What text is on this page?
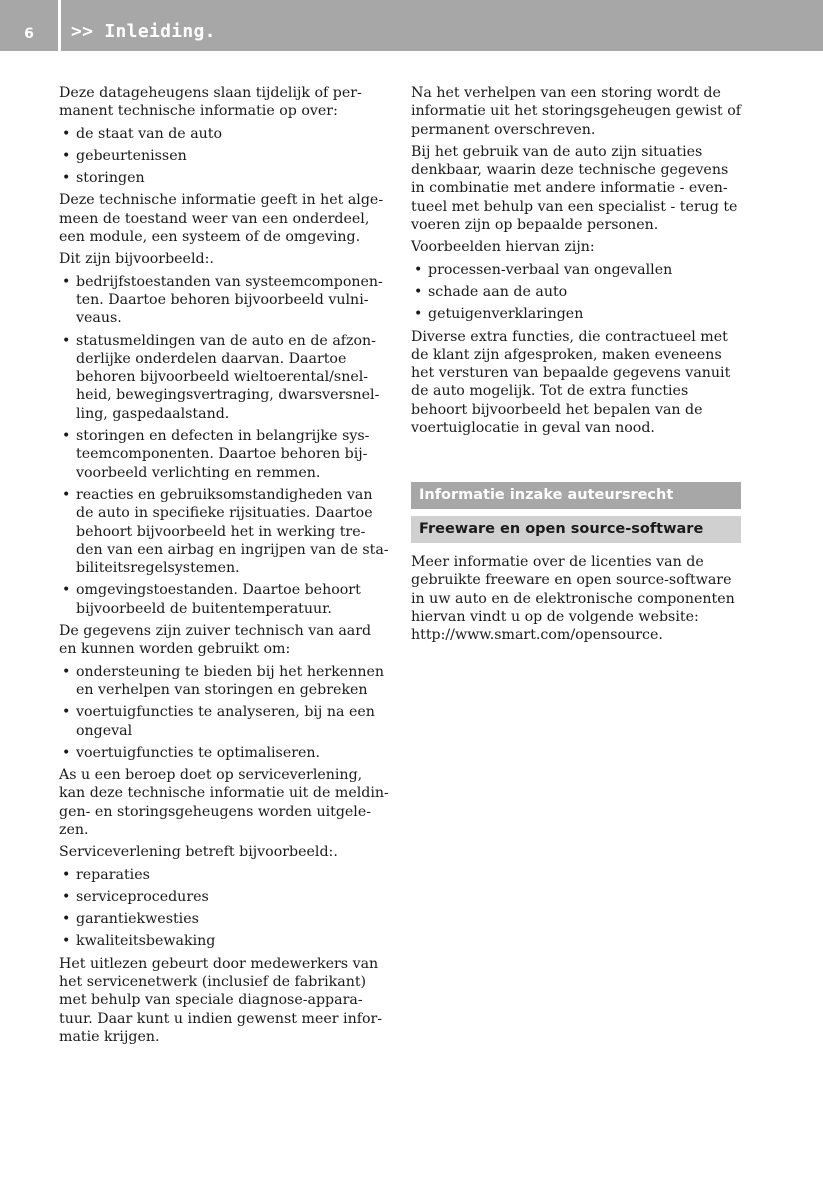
6	>> Inleiding.

Deze datageheugens slaan tijdelijk of per-manent technische informatie op over:

• de staat van de auto
• gebeurtenissen
• storingen

Deze technische informatie geeft in het alge-meen de toestand weer van een onderdeel, een module, een systeem of de omgeving.

Dit zijn bijvoorbeeld:.

• bedrijfstoestanden van systeemcomponen-ten. Daartoe behoren bijvoorbeeld vulni-veaus.
• statusmeldingen van de auto en de afzon-derlijke onderdelen daarvan. Daartoe behoren bijvoorbeeld wieltoerental/snel-heid, bewegingsvertraging, dwarsversnel-ling, gaspedaalstand.
• storingen en defecten in belangrijke sys-teemcomponenten. Daartoe behoren bij-voorbeeld verlichting en remmen.
• reacties en gebruiksomstandigheden van de auto in specifieke rijsituaties. Daartoe behoort bijvoorbeeld het in werking tre-den van een airbag en ingrijpen van de sta-biliteitsregelsystemen.
• omgevingstoestanden. Daartoe behoort bijvoorbeeld de buitentemperatuur.

De gegevens zijn zuiver technisch van aard en kunnen worden gebruikt om:

• ondersteuning te bieden bij het herkennen en verhelpen van storingen en gebreken
• voertuigfuncties te analyseren, bij na een ongeval
• voertuigfuncties te optimaliseren.

As u een beroep doet op serviceverlening, kan deze technische informatie uit de meldin-gen- en storingsgeheugens worden uitgele-zen.

Serviceverlening betreft bijvoorbeeld:.

• reparaties
• serviceprocedures
• garantiekwesties
• kwaliteitsbewaking

Het uitlezen gebeurt door medewerkers van het servicenetwerk (inclusief de fabrikant) met behulp van speciale diagnose-appara-tuur. Daar kunt u indien gewenst meer infor-matie krijgen.

Na het verhelpen van een storing wordt de informatie uit het storingsgeheugen gewist of permanent overschreven.

Bij het gebruik van de auto zijn situaties denkbaar, waarin deze technische gegevens in combinatie met andere informatie - even-tueel met behulp van een specialist - terug te voeren zijn op bepaalde personen.

Voorbeelden hiervan zijn:

• processen-verbaal van ongevallen
• schade aan de auto
• getuigenverklaringen

Diverse extra functies, die contractueel met de klant zijn afgesproken, maken eveneens het versturen van bepaalde gegevens vanuit de auto mogelijk. Tot de extra functies behoort bijvoorbeeld het bepalen van de voertuiglocatie in geval van nood.

Informatie inzake auteursrecht
Freeware en open source-software

Meer informatie over de licenties van de gebruikte freeware en open source-software in uw auto en de elektronische componenten hiervan vindt u op de volgende website:

http://www.smart.com/opensource.
